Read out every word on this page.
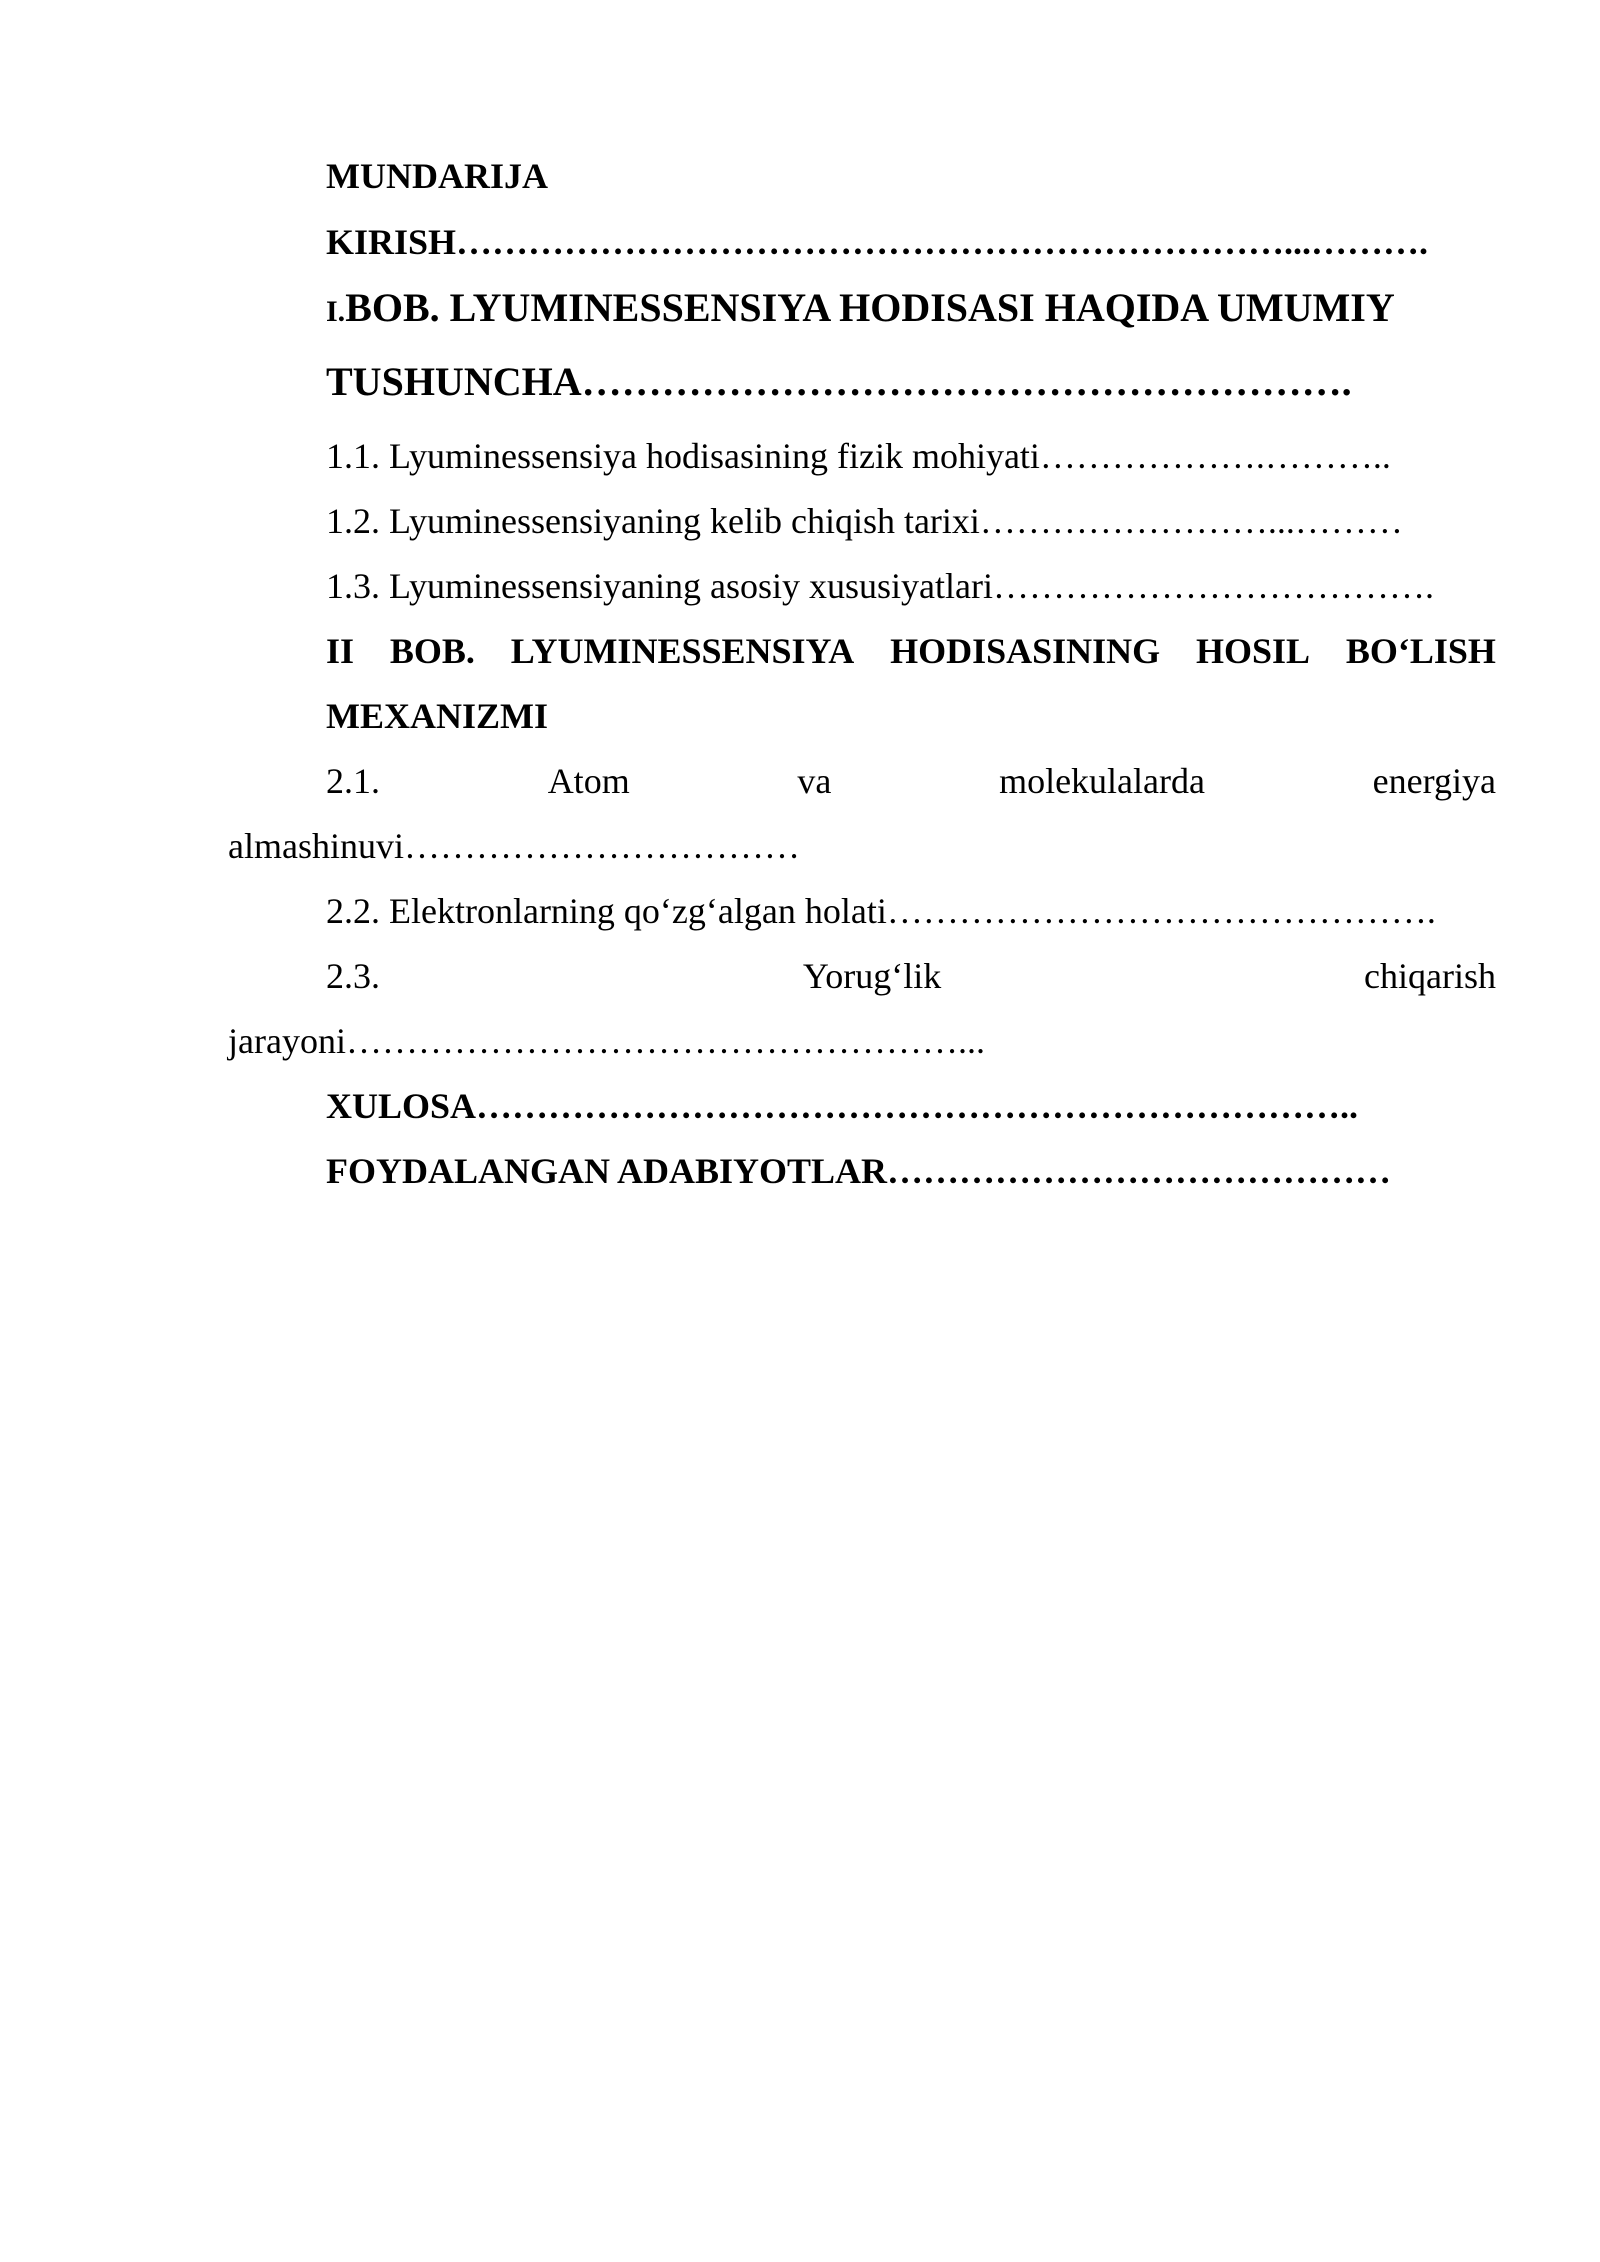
MUNDARIJA
KIRISH……………………………………………………………...……….
I.BOB. LYUMINESSENSIYA HODISASI HAQIDA UMUMIY
TUSHUNCHA………………………………………………….
1.1. Lyuminessensiya hodisasining fizik mohiyati……………….………..
1.2. Lyuminessensiyaning kelib chiqish tarixi……………………...………
1.3. Lyuminessensiyaning asosiy xususiyatlari……………………………….
II BOB. LYUMINESSENSIYA HODISASINING HOSIL BO‘LISH
MEXANIZMI
2.1.	Atom	va	molekulalarda	energiya
almashinuvi……………………………
2.2. Elektronlarning qo‘zg‘algan holati……………………………………….
2.3.	Yorug‘lik	chiqarish
jarayoni……………………………………………...
XULOSA………………………………………………………………..
FOYDALANGAN ADABIYOTLAR……………………………………
